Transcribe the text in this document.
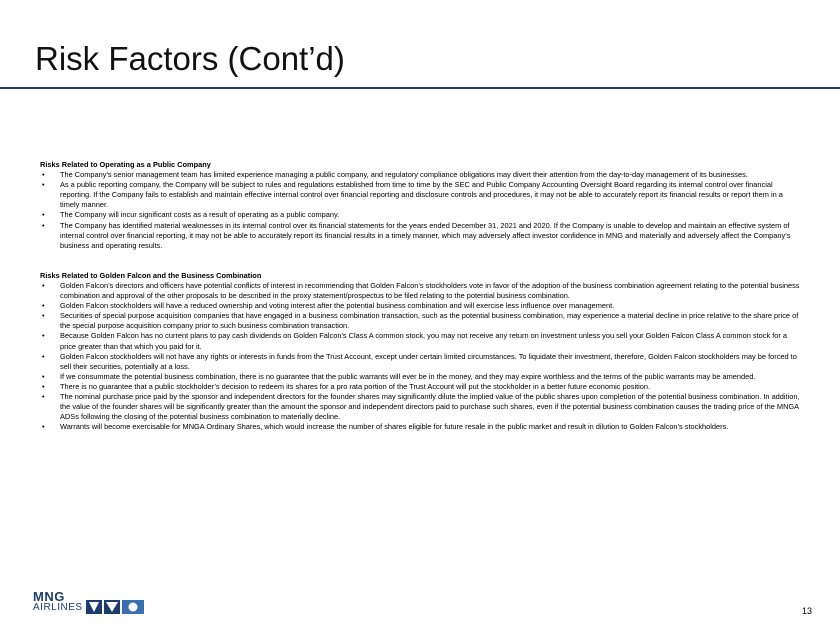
Risk Factors (Cont’d)

Risks Related to Operating as a Public Company

• The Company’s senior management team has limited experience managing a public company, and regulatory compliance obligations may divert their attention from the day-to-day management of its businesses.
• As a public reporting company, the Company will be subject to rules and regulations established from time to time by the SEC and Public Company Accounting Oversight Board regarding its internal control over financial reporting. If the Company fails to establish and maintain effective internal control over financial reporting and disclosure controls and procedures, it may not be able to accurately report its financial results or report them in a timely manner.
• The Company will incur significant costs as a result of operating as a public company.
• The Company has identified material weaknesses in its internal control over its financial statements for the years ended December 31, 2021 and 2020. If the Company is unable to develop and maintain an effective system of internal control over financial reporting, it may not be able to accurately report its financial results in a timely manner, which may adversely affect investor confidence in MNG and materially and adversely affect the Company’s business and operating results.

Risks Related to Golden Falcon and the Business Combination

• Golden Falcon’s directors and officers have potential conflicts of interest in recommending that Golden Falcon’s stockholders vote in favor of the adoption of the business combination agreement relating to the potential business combination and approval of the other proposals to be described in the proxy statement/prospectus to be filed relating to the potential business combination.
• Golden Falcon stockholders will have a reduced ownership and voting interest after the potential business combination and will exercise less influence over management.
• Securities of special purpose acquisition companies that have engaged in a business combination transaction, such as the potential business combination, may experience a material decline in price relative to the share price of the special purpose acquisition company prior to such business combination transaction.
• Because Golden Falcon has no current plans to pay cash dividends on Golden Falcon’s Class A common stock, you may not receive any return on investment unless you sell your Golden Falcon Class A common stock for a price greater than that which you paid for it.
• Golden Falcon stockholders will not have any rights or interests in funds from the Trust Account, except under certain limited circumstances. To liquidate their investment, therefore, Golden Falcon stockholders may be forced to sell their securities, potentially at a loss.
• If we consummate the potential business combination, there is no guarantee that the public warrants will ever be in the money, and they may expire worthless and the terms of the public warrants may be amended.
• There is no guarantee that a public stockholder’s decision to redeem its shares for a pro rata portion of the Trust Account will put the stockholder in a better future economic position.
• The nominal purchase price paid by the sponsor and independent directors for the founder shares may significantly dilute the implied value of the public shares upon completion of the potential business combination. In addition, the value of the founder shares will be significantly greater than the amount the sponsor and independent directors paid to purchase such shares, even if the potential business combination causes the trading price of the MNGA ADSs following the closing of the potential business combination to materially decline.
• Warrants will become exercisable for MNGA Ordinary Shares, which would increase the number of shares eligible for future resale in the public market and result in dilution to Golden Falcon’s stockholders.
MNG
AIRLINES	13
